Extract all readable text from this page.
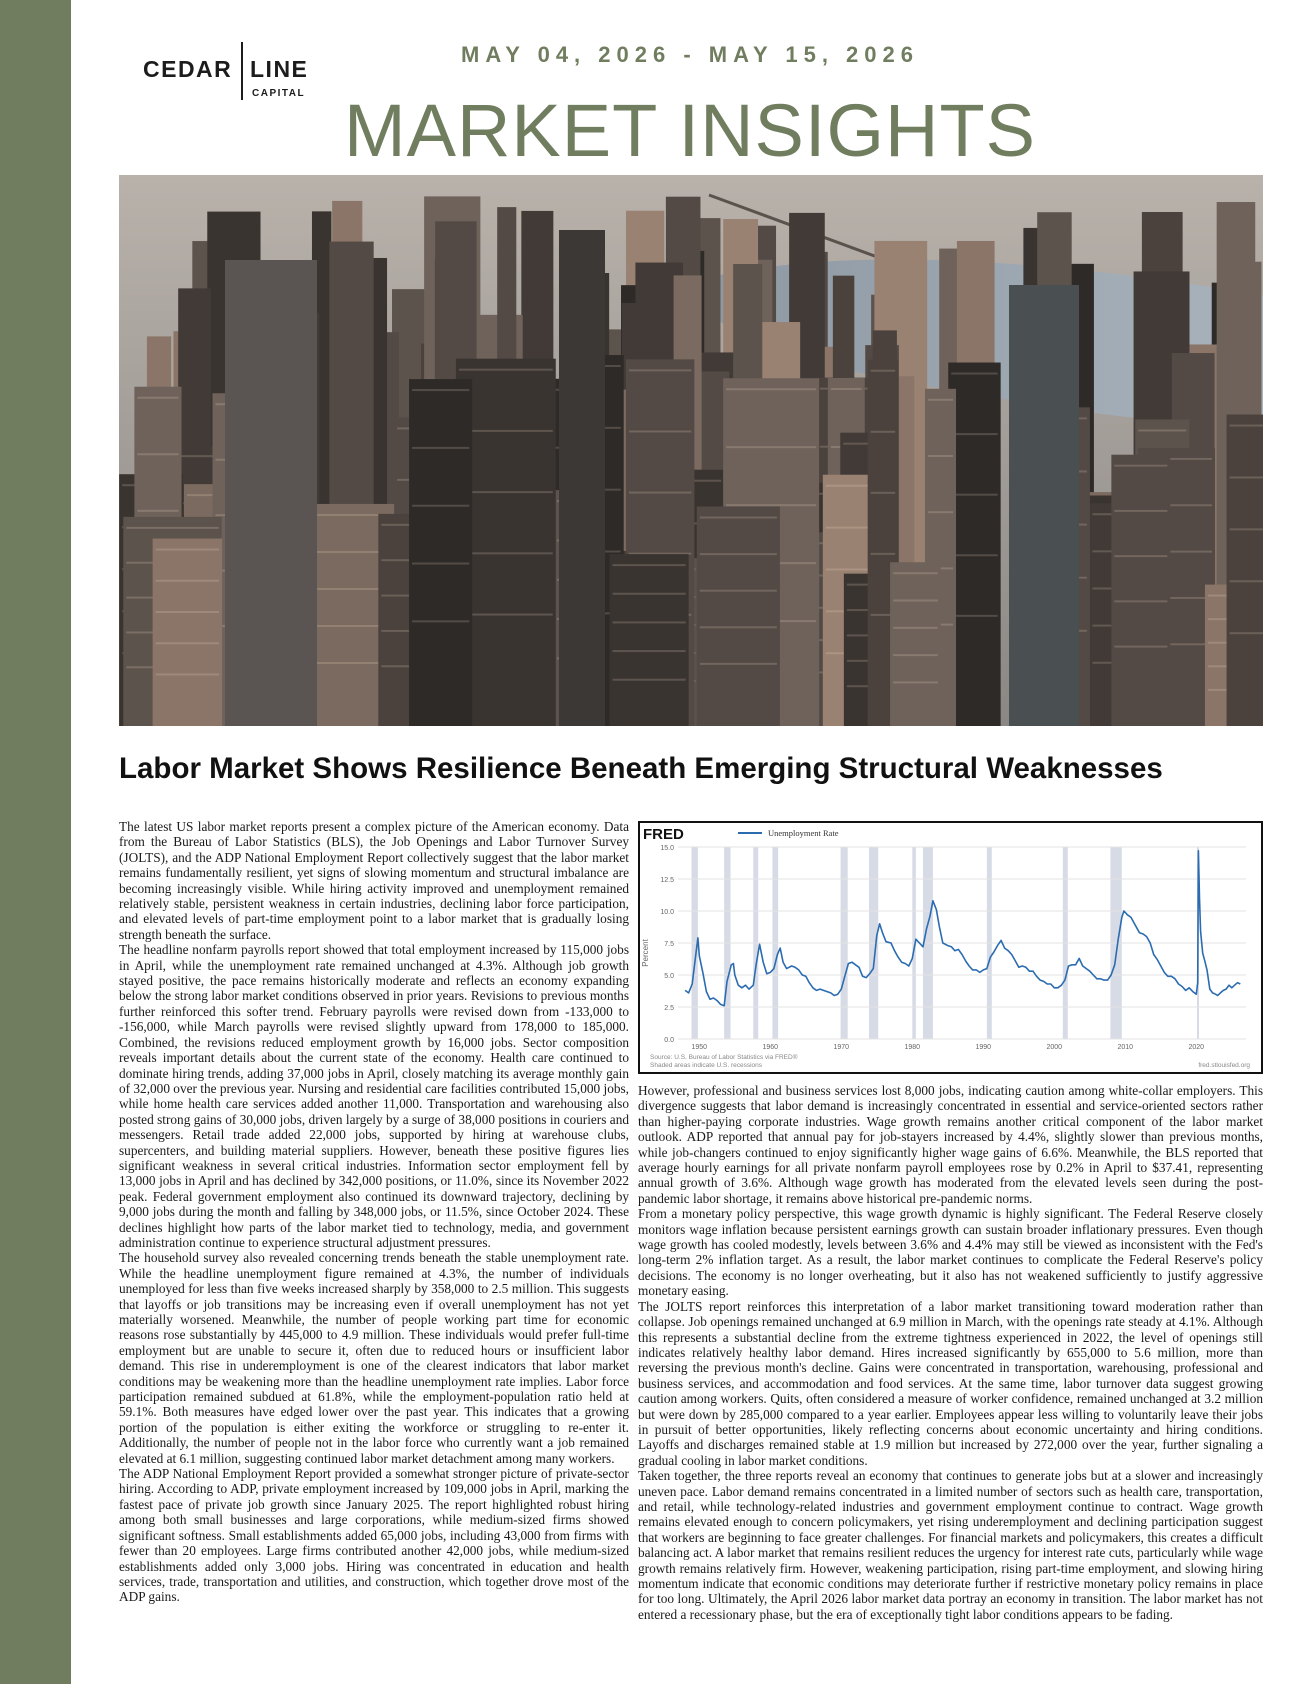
CEDAR LINE
CAPITAL
MAY 04, 2026 - MAY 15, 2026
MARKET INSIGHTS
Labor Market Shows Resilience Beneath Emerging Structural Weaknesses

The latest US labor market reports present a complex picture of the American economy. Data from the Bureau of Labor Statistics (BLS), the Job Openings and Labor Turnover Survey (JOLTS), and the ADP National Employment Report collectively suggest that the labor market remains fundamentally resilient, yet signs of slowing momentum and structural imbalance are becoming increasingly visible. While hiring activity improved and unemployment remained relatively stable, persistent weakness in certain industries, declining labor force participation, and elevated levels of part-time employment point to a labor market that is gradually losing strength beneath the surface.

The headline nonfarm payrolls report showed that total employment increased by 115,000 jobs in April, while the unemployment rate remained unchanged at 4.3%. Although job growth stayed positive, the pace remains historically moderate and reflects an economy expanding below the strong labor market conditions observed in prior years. Revisions to previous months further reinforced this softer trend. February payrolls were revised down from -133,000 to -156,000, while March payrolls were revised slightly upward from 178,000 to 185,000. Combined, the revisions reduced employment growth by 16,000 jobs. Sector composition reveals important details about the current state of the economy. Health care continued to dominate hiring trends, adding 37,000 jobs in April, closely matching its average monthly gain of 32,000 over the previous year. Nursing and residential care facilities contributed 15,000 jobs, while home health care services added another 11,000. Transportation and warehousing also posted strong gains of 30,000 jobs, driven largely by a surge of 38,000 positions in couriers and messengers. Retail trade added 22,000 jobs, supported by hiring at warehouse clubs, supercenters, and building material suppliers. However, beneath these positive figures lies significant weakness in several critical industries. Information sector employment fell by 13,000 jobs in April and has declined by 342,000 positions, or 11.0%, since its November 2022 peak. Federal government employment also continued its downward trajectory, declining by 9,000 jobs during the month and falling by 348,000 jobs, or 11.5%, since October 2024. These declines highlight how parts of the labor market tied to technology, media, and government administration continue to experience structural adjustment pressures.

The household survey also revealed concerning trends beneath the stable unemployment rate. While the headline unemployment figure remained at 4.3%, the number of individuals unemployed for less than five weeks increased sharply by 358,000 to 2.5 million. This suggests that layoffs or job transitions may be increasing even if overall unemployment has not yet materially worsened. Meanwhile, the number of people working part time for economic reasons rose substantially by 445,000 to 4.9 million. These individuals would prefer full-time employment but are unable to secure it, often due to reduced hours or insufficient labor demand. This rise in underemployment is one of the clearest indicators that labor market conditions may be weakening more than the headline unemployment rate implies. Labor force participation remained subdued at 61.8%, while the employment-population ratio held at 59.1%. Both measures have edged lower over the past year. This indicates that a growing portion of the population is either exiting the workforce or struggling to re-enter it. Additionally, the number of people not in the labor force who currently want a job remained elevated at 6.1 million, suggesting continued labor market detachment among many workers.

The ADP National Employment Report provided a somewhat stronger picture of private-sector hiring. According to ADP, private employment increased by 109,000 jobs in April, marking the fastest pace of private job growth since January 2025. The report highlighted robust hiring among both small businesses and large corporations, while medium-sized firms showed significant softness. Small establishments added 65,000 jobs, including 43,000 from firms with fewer than 20 employees. Large firms contributed another 42,000 jobs, while medium-sized establishments added only 3,000 jobs. Hiring was concentrated in education and health services, trade, transportation and utilities, and construction, which together drove most of the ADP gains.

FRED	Unemployment Rate
Percent
0.0
2.5
5.0
7.5
10.0
12.5
15.0
1950	1960	1970	1980	1990	2000	2010	2020
Source: U.S. Bureau of Labor Statistics via FRED®
Shaded areas indicate U.S. recessions	fred.stlouisfed.org

However, professional and business services lost 8,000 jobs, indicating caution among white-collar employers. This divergence suggests that labor demand is increasingly concentrated in essential and service-oriented sectors rather than higher-paying corporate industries. Wage growth remains another critical component of the labor market outlook. ADP reported that annual pay for job-stayers increased by 4.4%, slightly slower than previous months, while job-changers continued to enjoy significantly higher wage gains of 6.6%. Meanwhile, the BLS reported that average hourly earnings for all private nonfarm payroll employees rose by 0.2% in April to $37.41, representing annual growth of 3.6%. Although wage growth has moderated from the elevated levels seen during the post-pandemic labor shortage, it remains above historical pre-pandemic norms.

From a monetary policy perspective, this wage growth dynamic is highly significant. The Federal Reserve closely monitors wage inflation because persistent earnings growth can sustain broader inflationary pressures. Even though wage growth has cooled modestly, levels between 3.6% and 4.4% may still be viewed as inconsistent with the Fed's long-term 2% inflation target. As a result, the labor market continues to complicate the Federal Reserve's policy decisions. The economy is no longer overheating, but it also has not weakened sufficiently to justify aggressive monetary easing.

The JOLTS report reinforces this interpretation of a labor market transitioning toward moderation rather than collapse. Job openings remained unchanged at 6.9 million in March, with the openings rate steady at 4.1%. Although this represents a substantial decline from the extreme tightness experienced in 2022, the level of openings still indicates relatively healthy labor demand. Hires increased significantly by 655,000 to 5.6 million, more than reversing the previous month's decline. Gains were concentrated in transportation, warehousing, professional and business services, and accommodation and food services. At the same time, labor turnover data suggest growing caution among workers. Quits, often considered a measure of worker confidence, remained unchanged at 3.2 million but were down by 285,000 compared to a year earlier. Employees appear less willing to voluntarily leave their jobs in pursuit of better opportunities, likely reflecting concerns about economic uncertainty and hiring conditions. Layoffs and discharges remained stable at 1.9 million but increased by 272,000 over the year, further signaling a gradual cooling in labor market conditions.

Taken together, the three reports reveal an economy that continues to generate jobs but at a slower and increasingly uneven pace. Labor demand remains concentrated in a limited number of sectors such as health care, transportation, and retail, while technology-related industries and government employment continue to contract. Wage growth remains elevated enough to concern policymakers, yet rising underemployment and declining participation suggest that workers are beginning to face greater challenges. For financial markets and policymakers, this creates a difficult balancing act. A labor market that remains resilient reduces the urgency for interest rate cuts, particularly while wage growth remains relatively firm. However, weakening participation, rising part-time employment, and slowing hiring momentum indicate that economic conditions may deteriorate further if restrictive monetary policy remains in place for too long. Ultimately, the April 2026 labor market data portray an economy in transition. The labor market has not entered a recessionary phase, but the era of exceptionally tight labor conditions appears to be fading.
